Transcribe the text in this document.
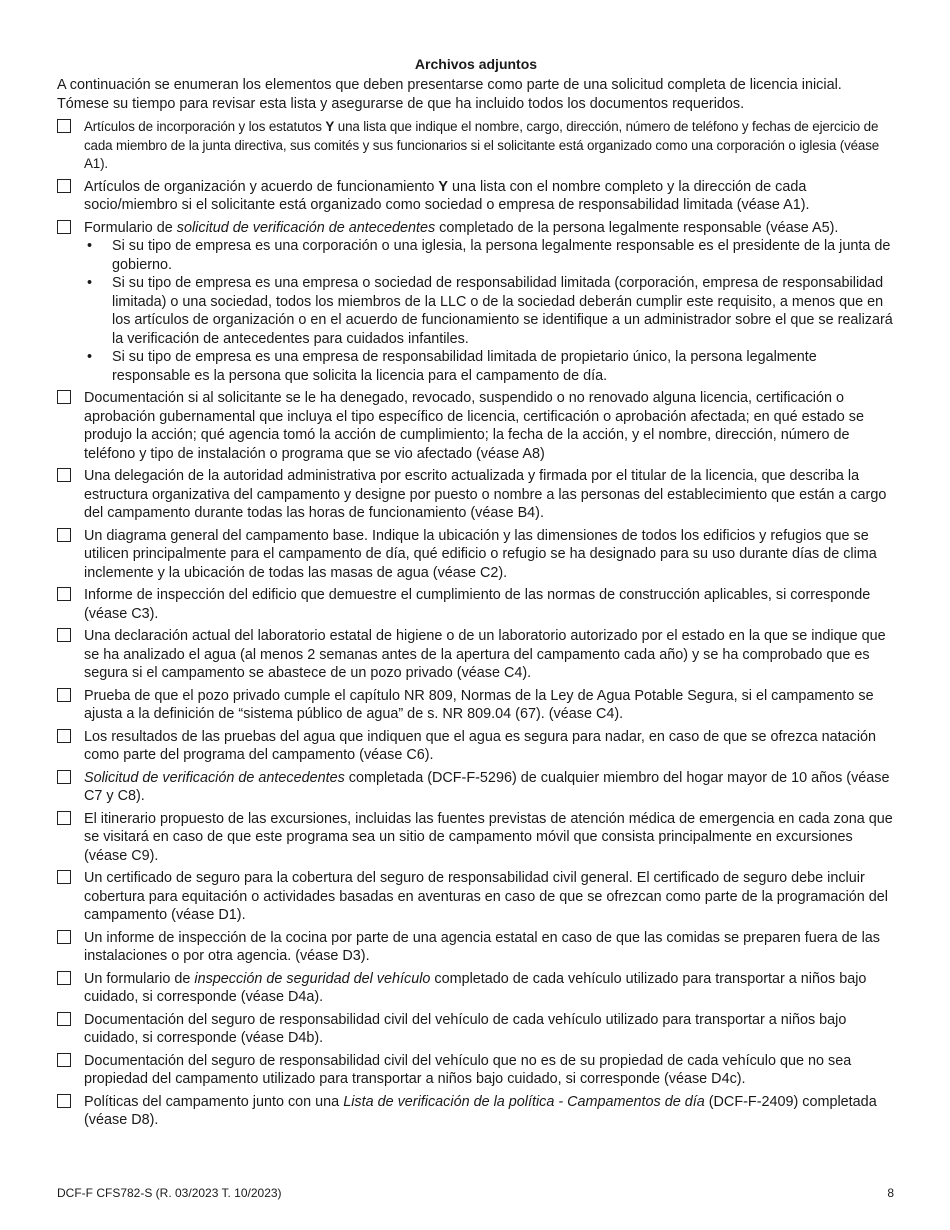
Archivos adjuntos
A continuación se enumeran los elementos que deben presentarse como parte de una solicitud completa de licencia inicial. Tómese su tiempo para revisar esta lista y asegurarse de que ha incluido todos los documentos requeridos.
Artículos de incorporación y los estatutos Y una lista que indique el nombre, cargo, dirección, número de teléfono y fechas de ejercicio de cada miembro de la junta directiva, sus comités y sus funcionarios si el solicitante está organizado como una corporación o iglesia (véase A1).
Artículos de organización y acuerdo de funcionamiento Y una lista con el nombre completo y la dirección de cada socio/miembro si el solicitante está organizado como sociedad o empresa de responsabilidad limitada (véase A1).
Formulario de solicitud de verificación de antecedentes completado de la persona legalmente responsable (véase A5).
• Si su tipo de empresa es una corporación o una iglesia, la persona legalmente responsable es el presidente de la junta de gobierno.
• Si su tipo de empresa es una empresa o sociedad de responsabilidad limitada (corporación, empresa de responsabilidad limitada) o una sociedad, todos los miembros de la LLC o de la sociedad deberán cumplir este requisito, a menos que en los artículos de organización o en el acuerdo de funcionamiento se identifique a un administrador sobre el que se realizará la verificación de antecedentes para cuidados infantiles.
• Si su tipo de empresa es una empresa de responsabilidad limitada de propietario único, la persona legalmente responsable es la persona que solicita la licencia para el campamento de día.
Documentación si al solicitante se le ha denegado, revocado, suspendido o no renovado alguna licencia, certificación o aprobación gubernamental que incluya el tipo específico de licencia, certificación o aprobación afectada; en qué estado se produjo la acción; qué agencia tomó la acción de cumplimiento; la fecha de la acción, y el nombre, dirección, número de teléfono y tipo de instalación o programa que se vio afectado (véase A8)
Una delegación de la autoridad administrativa por escrito actualizada y firmada por el titular de la licencia, que describa la estructura organizativa del campamento y designe por puesto o nombre a las personas del establecimiento que están a cargo del campamento durante todas las horas de funcionamiento (véase B4).
Un diagrama general del campamento base. Indique la ubicación y las dimensiones de todos los edificios y refugios que se utilicen principalmente para el campamento de día, qué edificio o refugio se ha designado para su uso durante días de clima inclemente y la ubicación de todas las masas de agua (véase C2).
Informe de inspección del edificio que demuestre el cumplimiento de las normas de construcción aplicables, si corresponde (véase C3).
Una declaración actual del laboratorio estatal de higiene o de un laboratorio autorizado por el estado en la que se indique que se ha analizado el agua (al menos 2 semanas antes de la apertura del campamento cada año) y se ha comprobado que es segura si el campamento se abastece de un pozo privado (véase C4).
Prueba de que el pozo privado cumple el capítulo NR 809, Normas de la Ley de Agua Potable Segura, si el campamento se ajusta a la definición de “sistema público de agua” de s. NR 809.04 (67). (véase C4).
Los resultados de las pruebas del agua que indiquen que el agua es segura para nadar, en caso de que se ofrezca natación como parte del programa del campamento (véase C6).
Solicitud de verificación de antecedentes completada (DCF-F-5296) de cualquier miembro del hogar mayor de 10 años (véase C7 y C8).
El itinerario propuesto de las excursiones, incluidas las fuentes previstas de atención médica de emergencia en cada zona que se visitará en caso de que este programa sea un sitio de campamento móvil que consista principalmente en excursiones (véase C9).
Un certificado de seguro para la cobertura del seguro de responsabilidad civil general. El certificado de seguro debe incluir cobertura para equitación o actividades basadas en aventuras en caso de que se ofrezcan como parte de la programación del campamento (véase D1).
Un informe de inspección de la cocina por parte de una agencia estatal en caso de que las comidas se preparen fuera de las instalaciones o por otra agencia. (véase D3).
Un formulario de inspección de seguridad del vehículo completado de cada vehículo utilizado para transportar a niños bajo cuidado, si corresponde (véase D4a).
Documentación del seguro de responsabilidad civil del vehículo de cada vehículo utilizado para transportar a niños bajo cuidado, si corresponde (véase D4b).
Documentación del seguro de responsabilidad civil del vehículo que no es de su propiedad de cada vehículo que no sea propiedad del campamento utilizado para transportar a niños bajo cuidado, si corresponde (véase D4c).
Políticas del campamento junto con una Lista de verificación de la política - Campamentos de día (DCF-F-2409) completada (véase D8).
DCF-F CFS782-S (R. 03/2023 T. 10/2023)	8
